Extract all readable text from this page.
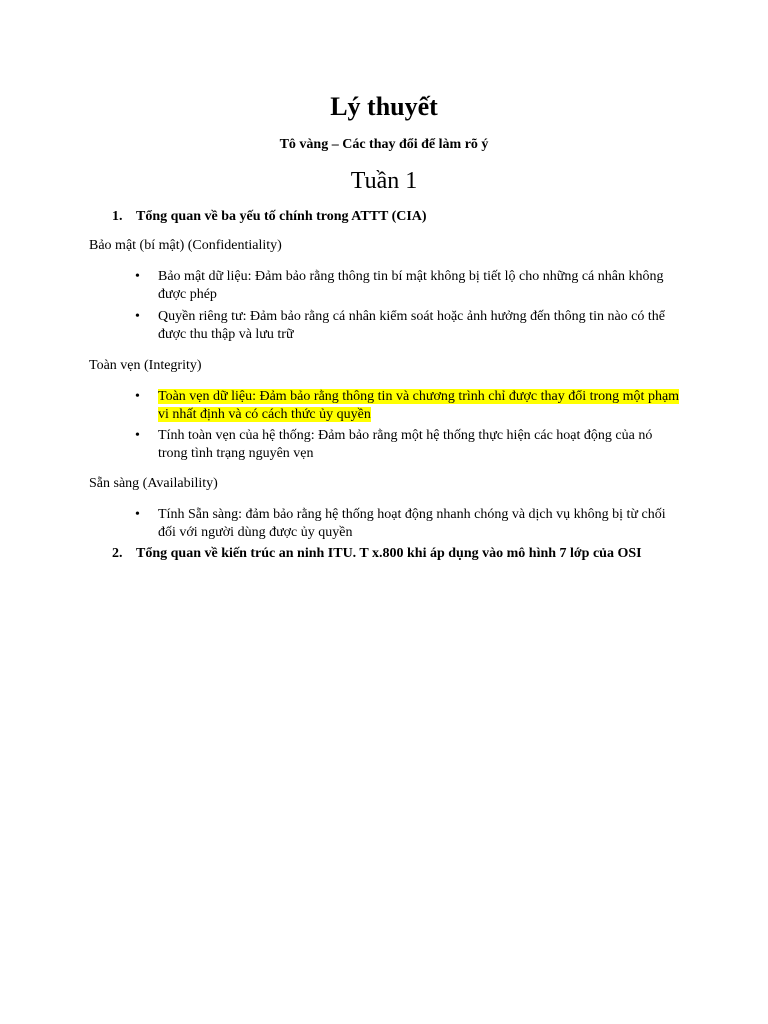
Lý thuyết
Tô vàng – Các thay đổi để làm rõ ý
Tuần 1
1. Tổng quan về ba yếu tố chính trong ATTT (CIA)
Bảo mật (bí mật) (Confidentiality)
•	Bảo mật dữ liệu: Đảm bảo rằng thông tin bí mật không bị tiết lộ cho những cá nhân không được phép
•	Quyền riêng tư: Đảm bảo rằng cá nhân kiểm soát hoặc ảnh hưởng đến thông tin nào có thể được thu thập và lưu trữ
Toàn vẹn (Integrity)
•	Toàn vẹn dữ liệu: Đảm bảo rằng thông tin và chương trình chỉ được thay đổi trong một phạm vi nhất định và có cách thức ủy quyền
•	Tính toàn vẹn của hệ thống: Đảm bảo rằng một hệ thống thực hiện các hoạt động của nó trong tình trạng nguyên vẹn
Sẵn sàng (Availability)
•	Tính Sẵn sàng: đảm bảo rằng hệ thống hoạt động nhanh chóng và dịch vụ không bị từ chối đối với người dùng được ủy quyền
2. Tổng quan về kiến trúc an ninh ITU. T x.800 khi áp dụng vào mô hình 7 lớp của OSI
